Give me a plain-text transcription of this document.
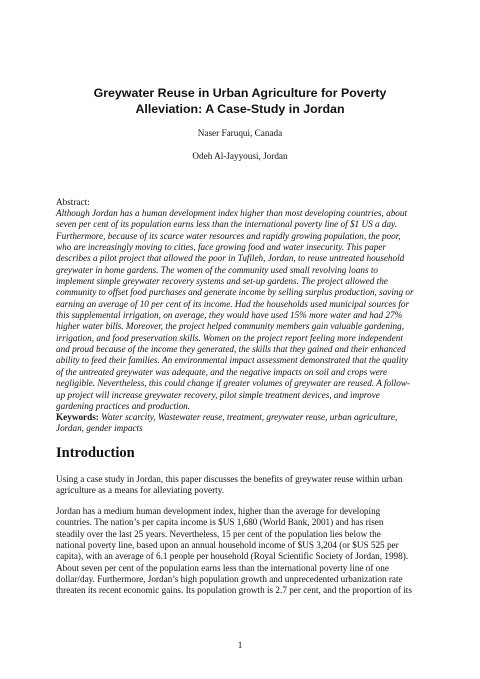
Greywater Reuse in Urban Agriculture for Poverty
Alleviation: A Case-Study in Jordan
Naser Faruqui, Canada
Odeh Al-Jayyousi, Jordan
Abstract:
Although Jordan has a human development index higher than most developing countries, about
seven per cent of its population earns less than the international poverty line of $1 US a day.
Furthermore, because of its scarce water resources and rapidly growing population, the poor,
who are increasingly moving to cities, face growing food and water insecurity. This paper
describes a pilot project that allowed the poor in Tufileh, Jordan, to reuse untreated household
greywater in home gardens. The women of the community used small revolving loans to
implement simple greywater recovery systems and set-up gardens. The project allowed the
community to offset food purchases and generate income by selling surplus production, saving or
earning an average of 10 per cent of its income. Had the households used municipal sources for
this supplemental irrigation, on average, they would have used 15% more water and had 27%
higher water bills. Moreover, the project helped community members gain valuable gardening,
irrigation, and food preservation skills. Women on the project report feeling more independent
and proud because of the income they generated, the skills that they gained and their enhanced
ability to feed their families. An environmental impact assessment demonstrated that the quality
of the untreated greywater was adequate, and the negative impacts on soil and crops were
negligible. Nevertheless, this could change if greater volumes of greywater are reused. A follow-
up project will increase greywater recovery, pilot simple treatment devices, and improve
gardening practices and production.
Keywords: Water scarcity, Wastewater reuse, treatment, greywater reuse, urban agriculture,
Jordan, gender impacts
Introduction
Using a case study in Jordan, this paper discusses the benefits of greywater reuse within urban
agriculture as a means for alleviating poverty.
Jordan has a medium human development index, higher than the average for developing
countries. The nation’s per capita income is $US 1,680 (World Bank, 2001) and has risen
steadily over the last 25 years. Nevertheless, 15 per cent of the population lies below the
national poverty line, based upon an annual household income of $US 3,204 (or $US 525 per
capita), with an average of 6.1 people per household (Royal Scientific Society of Jordan, 1998).
About seven per cent of the population earns less than the international poverty line of one
dollar/day. Furthermore, Jordan’s high population growth and unprecedented urbanization rate
threaten its recent economic gains. Its population growth is 2.7 per cent, and the proportion of its
1
